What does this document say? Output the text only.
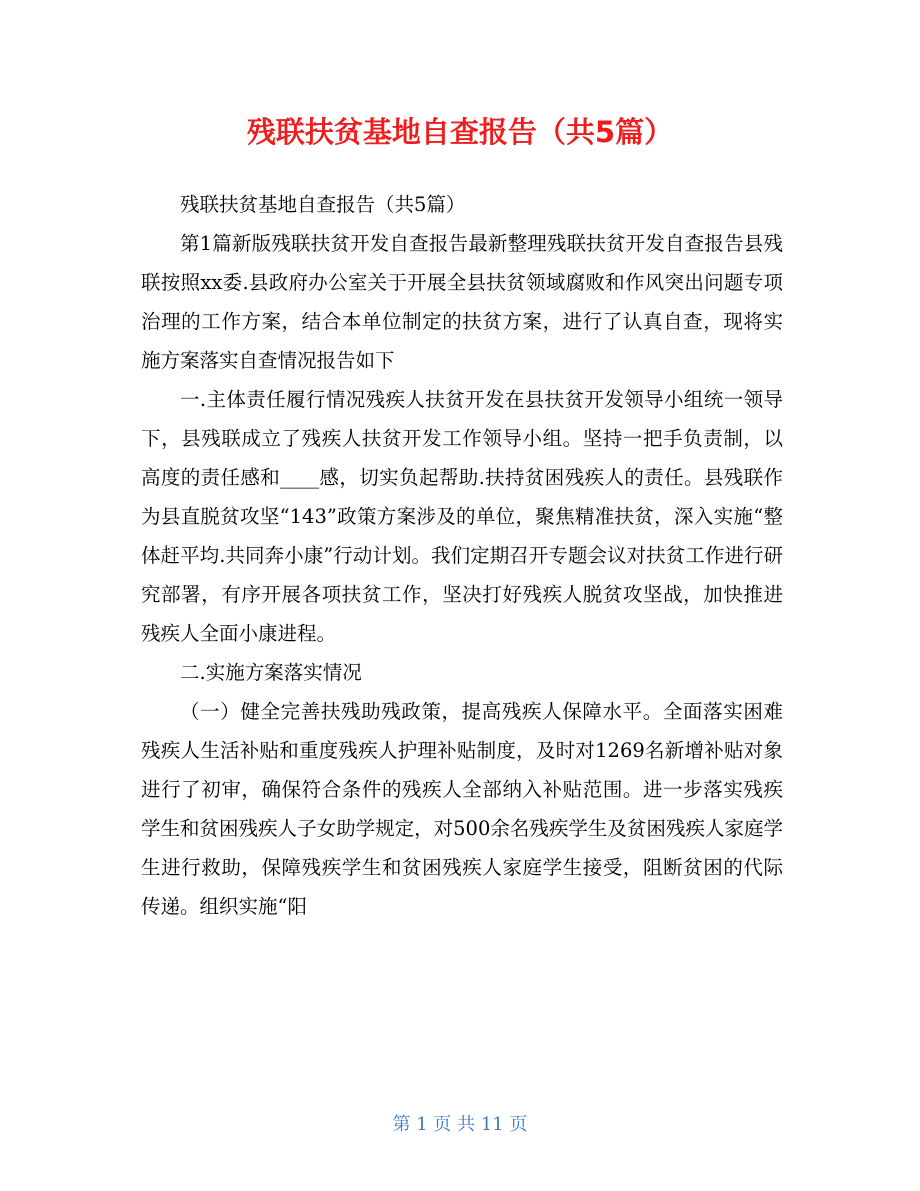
残联扶贫基地自查报告（共5篇）

残联扶贫基地自查报告（共5篇）

第1篇新版残联扶贫开发自查报告最新整理残联扶贫开发自查报告县残联按照xx委.县政府办公室关于开展全县扶贫领域腐败和作风突出问题专项治理的工作方案，结合本单位制定的扶贫方案，进行了认真自查，现将实施方案落实自查情况报告如下

一.主体责任履行情况残疾人扶贫开发在县扶贫开发领导小组统一领导下，县残联成立了残疾人扶贫开发工作领导小组。坚持一把手负责制，以高度的责任感和____感，切实负起帮助.扶持贫困残疾人的责任。县残联作为县直脱贫攻坚“143”政策方案涉及的单位，聚焦精准扶贫，深入实施“整体赶平均.共同奔小康”行动计划。我们定期召开专题会议对扶贫工作进行研究部署，有序开展各项扶贫工作，坚决打好残疾人脱贫攻坚战，加快推进残疾人全面小康进程。

二.实施方案落实情况

（一）健全完善扶残助残政策，提高残疾人保障水平。全面落实困难残疾人生活补贴和重度残疾人护理补贴制度，及时对1269名新增补贴对象进行了初审，确保符合条件的残疾人全部纳入补贴范围。进一步落实残疾学生和贫困残疾人子女助学规定，对500余名残疾学生及贫困残疾人家庭学生进行救助，保障残疾学生和贫困残疾人家庭学生接受，阻断贫困的代际传递。组织实施“阳

第 1 页 共 11 页
